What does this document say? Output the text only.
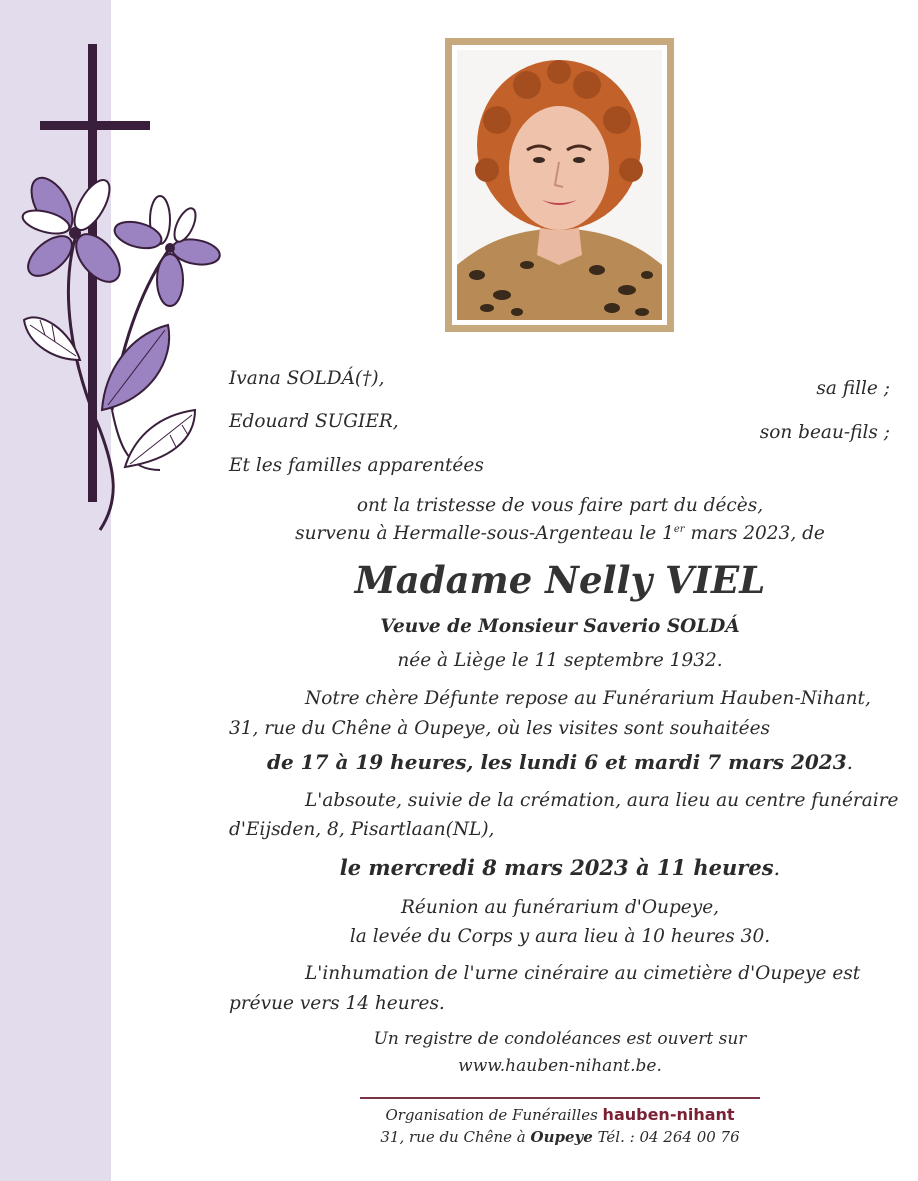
Ivana SOLDÁ(†),	sa fille ;
Edouard SUGIER,
son beau-fils ;
Et les familles apparentées
ont la tristesse de vous faire part du décès,
survenu à Hermalle-sous-Argenteau le 1er mars 2023, de
Madame Nelly VIEL
Veuve de Monsieur Saverio SOLDÁ
née à Liège le 11 septembre 1932.
Notre chère Défunte repose au Funérarium Hauben-Nihant,
31, rue du Chêne à Oupeye, où les visites sont souhaitées
de 17 à 19 heures, les lundi 6 et mardi 7 mars 2023.
L'absoute, suivie de la crémation, aura lieu au centre funéraire
d'Eijsden, 8, Pisartlaan(NL),
le mercredi 8 mars 2023 à 11 heures.
Réunion au funérarium d'Oupeye,
la levée du Corps y aura lieu à 10 heures 30.
L'inhumation de l'urne cinéraire au cimetière d'Oupeye est
prévue vers 14 heures.
Un registre de condoléances est ouvert sur
www.hauben-nihant.be.
Organisation de Funérailles hauben-nihant
31, rue du Chêne à Oupeye Tél. : 04 264 00 76
